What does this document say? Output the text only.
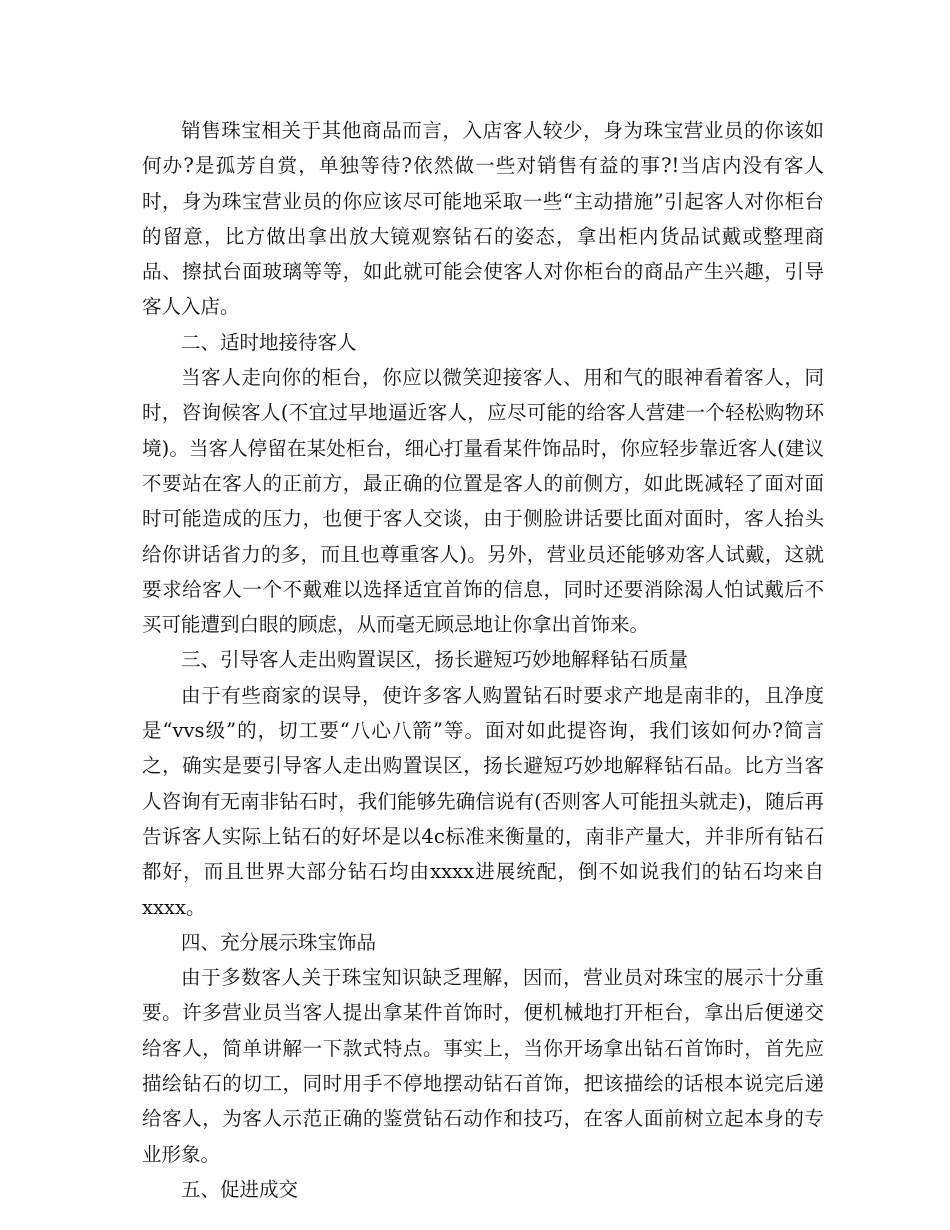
销售珠宝相关于其他商品而言，入店客人较少，身为珠宝营业员的你该如何办?是孤芳自赏，单独等待?依然做一些对销售有益的事?!当店内没有客人时，身为珠宝营业员的你应该尽可能地采取一些“主动措施”引起客人对你柜台的留意，比方做出拿出放大镜观察钻石的姿态，拿出柜内货品试戴或整理商品、擦拭台面玻璃等等，如此就可能会使客人对你柜台的商品产生兴趣，引导客人入店。

二、适时地接待客人

当客人走向你的柜台，你应以微笑迎接客人、用和气的眼神看着客人，同时，咨询候客人(不宜过早地逼近客人，应尽可能的给客人营建一个轻松购物环境)。当客人停留在某处柜台，细心打量看某件饰品时，你应轻步靠近客人(建议不要站在客人的正前方，最正确的位置是客人的前侧方，如此既减轻了面对面时可能造成的压力，也便于客人交谈，由于侧脸讲话要比面对面时，客人抬头给你讲话省力的多，而且也尊重客人)。另外，营业员还能够劝客人试戴，这就要求给客人一个不戴难以选择适宜首饰的信息，同时还要消除渴人怕试戴后不买可能遭到白眼的顾虑，从而毫无顾忌地让你拿出首饰来。

三、引导客人走出购置误区，扬长避短巧妙地解释钻石质量

由于有些商家的误导，使许多客人购置钻石时要求产地是南非的，且净度是“vvs级”的，切工要“八心八箭”等。面对如此提咨询，我们该如何办?简言之，确实是要引导客人走出购置误区，扬长避短巧妙地解释钻石品。比方当客人咨询有无南非钻石时，我们能够先确信说有(否则客人可能扭头就走)，随后再告诉客人实际上钻石的好坏是以4c标准来衡量的，南非产量大，并非所有钻石都好，而且世界大部分钻石均由xxxx进展统配，倒不如说我们的钻石均来自xxxx。

四、充分展示珠宝饰品

由于多数客人关于珠宝知识缺乏理解，因而，营业员对珠宝的展示十分重要。许多营业员当客人提出拿某件首饰时，便机械地打开柜台，拿出后便递交给客人，简单讲解一下款式特点。事实上，当你开场拿出钻石首饰时，首先应描绘钻石的切工，同时用手不停地摆动钻石首饰，把该描绘的话根本说完后递给客人，为客人示范正确的鉴赏钻石动作和技巧，在客人面前树立起本身的专业形象。

五、促进成交
